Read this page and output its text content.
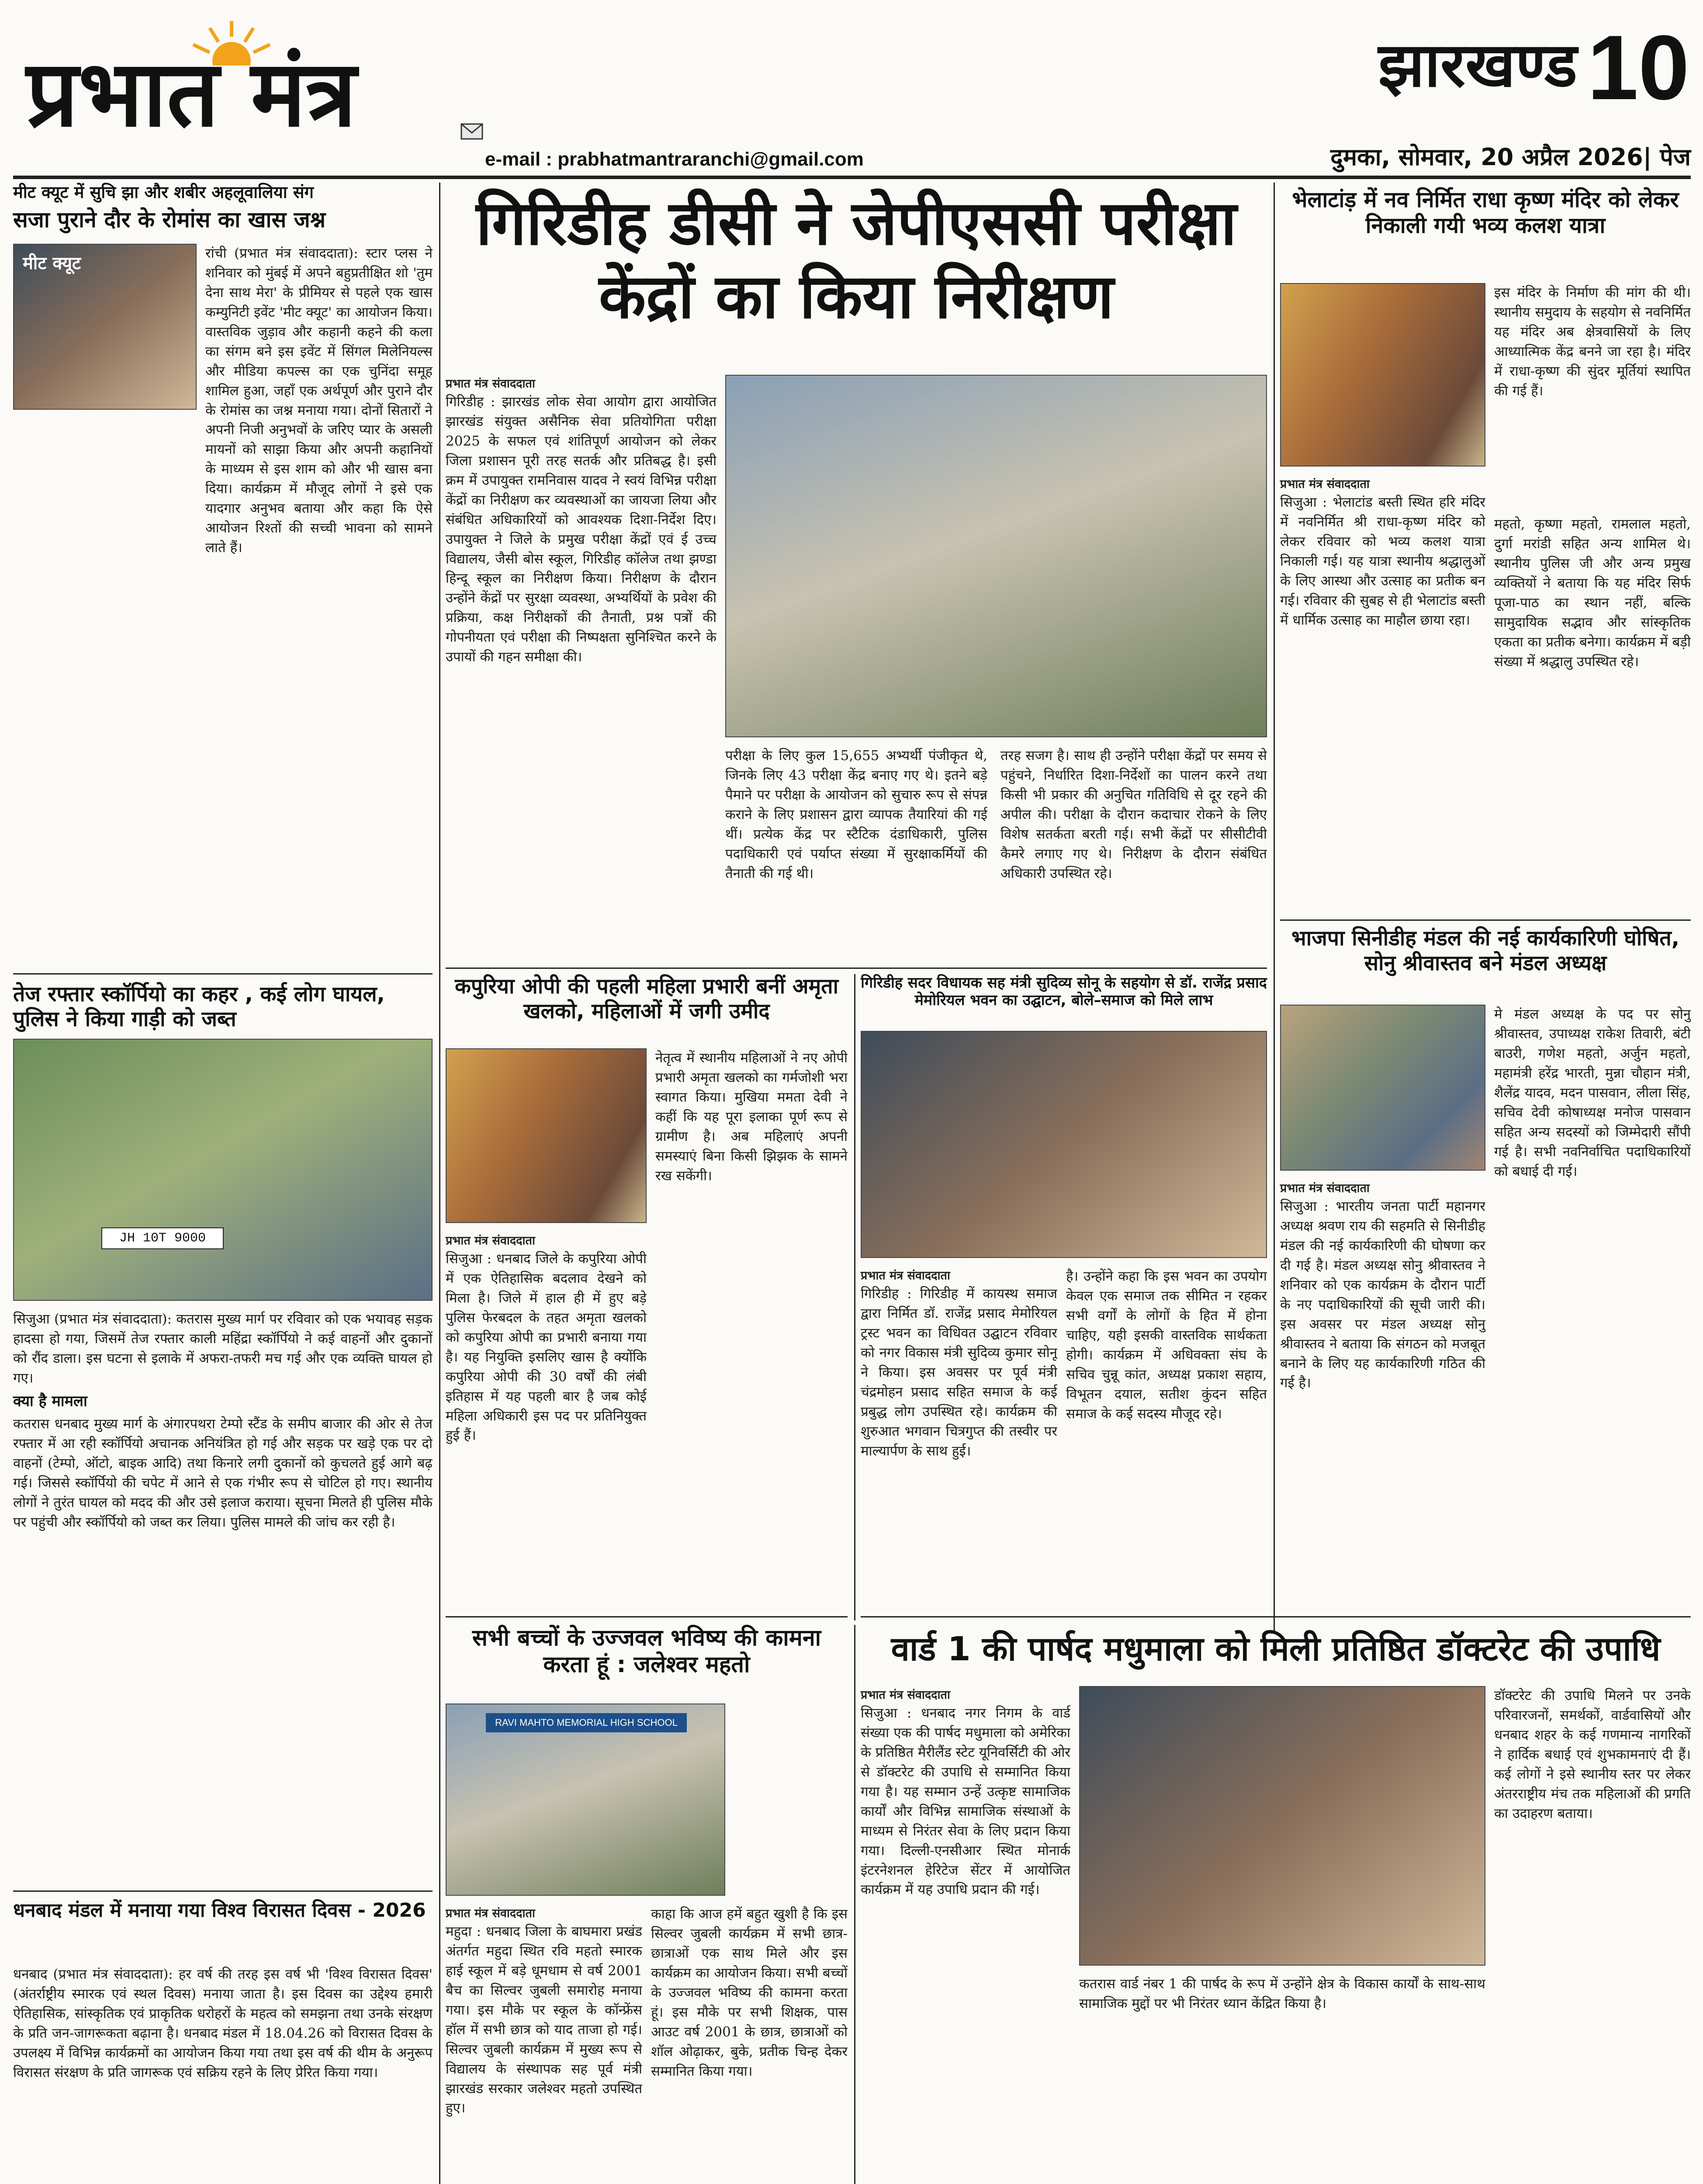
प्रभात मंत्र
e-mail : prabhatmantraranchi@gmail.com
झारखण्ड 10
दुमका, सोमवार, 20 अप्रैल 2026| पेज
मीट क्यूट में सुचि झा और शबीर अहलूवालिया संग
सजा पुराने दौर के रोमांस का खास जश्न
मीट क्यूट	रांची (प्रभात मंत्र संवाददाता): स्टार प्लस ने शनिवार को मुंबई में अपने बहुप्रतीक्षित शो 'तुम देना साथ मेरा' के प्रीमियर से पहले एक खास कम्युनिटी इवेंट 'मीट क्यूट' का आयोजन किया। वास्तविक जुड़ाव और कहानी कहने की कला का संगम बने इस इवेंट में सिंगल मिलेनियल्स और मीडिया कपल्स का एक चुनिंदा समूह शामिल हुआ, जहाँ एक अर्थपूर्ण और पुराने दौर के रोमांस का जश्न मनाया गया। दोनों सितारों ने अपनी निजी अनुभवों के जरिए प्यार के असली मायनों को साझा किया और अपनी कहानियों के माध्यम से इस शाम को और भी खास बना दिया। कार्यक्रम में मौजूद लोगों ने इसे एक यादगार अनुभव बताया और कहा कि ऐसे आयोजन रिश्तों की सच्ची भावना को सामने लाते हैं।
तेज रफ्तार स्कॉर्पियो का कहर , कई लोग घायल, पुलिस ने किया गाड़ी को जब्त
JH 10T 9000
सिजुआ (प्रभात मंत्र संवाददाता): कतरास मुख्य मार्ग पर रविवार को एक भयावह सड़क हादसा हो गया, जिसमें तेज रफ्तार काली महिंद्रा स्कॉर्पियो ने कई वाहनों और दुकानों को रौंद डाला। इस घटना से इलाके में अफरा-तफरी मच गई और एक व्यक्ति घायल हो गए।
क्या है मामला
कतरास धनबाद मुख्य मार्ग के अंगारपथरा टेम्पो स्टैंड के समीप बाजार की ओर से तेज रफ्तार में आ रही स्कॉर्पियो अचानक अनियंत्रित हो गई और सड़क पर खड़े एक पर दो वाहनों (टेम्पो, ऑटो, बाइक आदि) तथा किनारे लगी दुकानों को कुचलते हुई आगे बढ़ गई। जिससे स्कॉर्पियो की चपेट में आने से एक गंभीर रूप से चोटिल हो गए। स्थानीय लोगों ने तुरंत घायल को मदद की और उसे इलाज कराया। सूचना मिलते ही पुलिस मौके पर पहुंची और स्कॉर्पियो को जब्त कर लिया। पुलिस मामले की जांच कर रही है।
धनबाद मंडल में मनाया गया विश्व विरासत दिवस - 2026
धनबाद (प्रभात मंत्र संवाददाता): हर वर्ष की तरह इस वर्ष भी 'विश्व विरासत दिवस' (अंतर्राष्ट्रीय स्मारक एवं स्थल दिवस) मनाया जाता है। इस दिवस का उद्देश्य हमारी ऐतिहासिक, सांस्कृतिक एवं प्राकृतिक धरोहरों के महत्व को समझना तथा उनके संरक्षण के प्रति जन-जागरूकता बढ़ाना है। धनबाद मंडल में 18.04.26 को विरासत दिवस के उपलक्ष्य में विभिन्न कार्यक्रमों का आयोजन किया गया तथा इस वर्ष की थीम के अनुरूप विरासत संरक्षण के प्रति जागरूक एवं सक्रिय रहने के लिए प्रेरित किया गया।
गिरिडीह डीसी ने जेपीएससी परीक्षा केंद्रों का किया निरीक्षण
प्रभात मंत्र संवाददाता
गिरिडीह : झारखंड लोक सेवा आयोग द्वारा आयोजित झारखंड संयुक्त असैनिक सेवा प्रतियोगिता परीक्षा 2025 के सफल एवं शांतिपूर्ण आयोजन को लेकर जिला प्रशासन पूरी तरह सतर्क और प्रतिबद्ध है। इसी क्रम में उपायुक्त रामनिवास यादव ने स्वयं विभिन्न परीक्षा केंद्रों का निरीक्षण कर व्यवस्थाओं का जायजा लिया और संबंधित अधिकारियों को आवश्यक दिशा-निर्देश दिए। उपायुक्त ने जिले के प्रमुख परीक्षा केंद्रों एवं ई उच्च विद्यालय, जैसी बोस स्कूल, गिरिडीह कॉलेज तथा झण्डा हिन्दू स्कूल का निरीक्षण किया। निरीक्षण के दौरान उन्होंने केंद्रों पर सुरक्षा व्यवस्था, अभ्यर्थियों के प्रवेश की प्रक्रिया, कक्ष निरीक्षकों की तैनाती, प्रश्न पत्रों की गोपनीयता एवं परीक्षा की निष्पक्षता सुनिश्चित करने के उपायों की गहन समीक्षा की।
परीक्षा के लिए कुल 15,655 अभ्यर्थी पंजीकृत थे, जिनके लिए 43 परीक्षा केंद्र बनाए गए थे। इतने बड़े पैमाने पर परीक्षा के आयोजन को सुचारु रूप से संपन्न कराने के लिए प्रशासन द्वारा व्यापक तैयारियां की गई थीं। प्रत्येक केंद्र पर स्टैटिक दंडाधिकारी, पुलिस पदाधिकारी एवं पर्याप्त संख्या में सुरक्षाकर्मियों की तैनाती की गई थी।
तरह सजग है। साथ ही उन्होंने परीक्षा केंद्रों पर समय से पहुंचने, निर्धारित दिशा-निर्देशों का पालन करने तथा किसी भी प्रकार की अनुचित गतिविधि से दूर रहने की अपील की। परीक्षा के दौरान कदाचार रोकने के लिए विशेष सतर्कता बरती गई। सभी केंद्रों पर सीसीटीवी कैमरे लगाए गए थे। निरीक्षण के दौरान संबंधित अधिकारी उपस्थित रहे।
भेलाटांड़ में नव निर्मित राधा कृष्ण मंदिर को लेकर निकाली गयी भव्य कलश यात्रा
इस मंदिर के निर्माण की मांग की थी। स्थानीय समुदाय के सहयोग से नवनिर्मित यह मंदिर अब क्षेत्रवासियों के लिए आध्यात्मिक केंद्र बनने जा रहा है। मंदिर में राधा-कृष्ण की सुंदर मूर्तियां स्थापित की गई हैं।
प्रभात मंत्र संवाददाता
सिजुआ : भेलाटांड बस्ती स्थित हरि मंदिर में नवनिर्मित श्री राधा-कृष्ण मंदिर को लेकर रविवार को भव्य कलश यात्रा निकाली गई। यह यात्रा स्थानीय श्रद्धालुओं के लिए आस्था और उत्साह का प्रतीक बन गई। रविवार की सुबह से ही भेलाटांड बस्ती में धार्मिक उत्साह का माहौल छाया रहा।
महतो, कृष्णा महतो, रामलाल महतो, दुर्गा मरांडी सहित अन्य शामिल थे। स्थानीय पुलिस जी और अन्य प्रमुख व्यक्तियों ने बताया कि यह मंदिर सिर्फ पूजा-पाठ का स्थान नहीं, बल्कि सामुदायिक सद्भाव और सांस्कृतिक एकता का प्रतीक बनेगा। कार्यक्रम में बड़ी संख्या में श्रद्धालु उपस्थित रहे।
भाजपा सिनीडीह मंडल की नई कार्यकारिणी घोषित, सोनु श्रीवास्तव बने मंडल अध्यक्ष
मे मंडल अध्यक्ष के पद पर सोनु श्रीवास्तव, उपाध्यक्ष राकेश तिवारी, बंटी बाउरी, गणेश महतो, अर्जुन महतो, महामंत्री हरेंद्र भारती, मुन्ना चौहान मंत्री, शैलेंद्र यादव, मदन पासवान, लीला सिंह, सचिव देवी कोषाध्यक्ष मनोज पासवान सहित अन्य सदस्यों को जिम्मेदारी सौंपी गई है। सभी नवनिर्वाचित पदाधिकारियों को बधाई दी गई।
प्रभात मंत्र संवाददाता
सिजुआ : भारतीय जनता पार्टी महानगर अध्यक्ष श्रवण राय की सहमति से सिनीडीह मंडल की नई कार्यकारिणी की घोषणा कर दी गई है। मंडल अध्यक्ष सोनु श्रीवास्तव ने शनिवार को एक कार्यक्रम के दौरान पार्टी के नए पदाधिकारियों की सूची जारी की। इस अवसर पर मंडल अध्यक्ष सोनु श्रीवास्तव ने बताया कि संगठन को मजबूत बनाने के लिए यह कार्यकारिणी गठित की गई है।
कपुरिया ओपी की पहली महिला प्रभारी बनीं अमृता खलको, महिलाओं में जगी उमीद
नेतृत्व में स्थानीय महिलाओं ने नए ओपी प्रभारी अमृता खलको का गर्मजोशी भरा स्वागत किया। मुखिया ममता देवी ने कहीं कि यह पूरा इलाका पूर्ण रूप से ग्रामीण है। अब महिलाएं अपनी समस्याएं बिना किसी झिझक के सामने रख सकेंगी।
प्रभात मंत्र संवाददाता
सिजुआ : धनबाद जिले के कपुरिया ओपी में एक ऐतिहासिक बदलाव देखने को मिला है। जिले में हाल ही में हुए बड़े पुलिस फेरबदल के तहत अमृता खलको को कपुरिया ओपी का प्रभारी बनाया गया है। यह नियुक्ति इसलिए खास है क्योंकि कपुरिया ओपी की 30 वर्षों की लंबी इतिहास में यह पहली बार है जब कोई महिला अधिकारी इस पद पर प्रतिनियुक्त हुई हैं।
गिरिडीह सदर विधायक सह मंत्री सुदिव्य सोनू के सहयोग से डॉ. राजेंद्र प्रसाद मेमोरियल भवन का उद्घाटन, बोले–समाज को मिले लाभ
प्रभात मंत्र संवाददाता
गिरिडीह : गिरिडीह में कायस्थ समाज द्वारा निर्मित डॉ. राजेंद्र प्रसाद मेमोरियल ट्रस्ट भवन का विधिवत उद्घाटन रविवार को नगर विकास मंत्री सुदिव्य कुमार सोनू ने किया। इस अवसर पर पूर्व मंत्री चंद्रमोहन प्रसाद सहित समाज के कई प्रबुद्ध लोग उपस्थित रहे। कार्यक्रम की शुरुआत भगवान चित्रगुप्त की तस्वीर पर माल्यार्पण के साथ हुई।
है। उन्होंने कहा कि इस भवन का उपयोग केवल एक समाज तक सीमित न रहकर सभी वर्गों के लोगों के हित में होना चाहिए, यही इसकी वास्तविक सार्थकता होगी। कार्यक्रम में अधिवक्ता संघ के सचिव चुन्नू कांत, अध्यक्ष प्रकाश सहाय, विभूतन दयाल, सतीश कुंदन सहित समाज के कई सदस्य मौजूद रहे।
सभी बच्चों के उज्जवल भविष्य की कामना करता हूं : जलेश्वर महतो
RAVI MAHTO MEMORIAL HIGH SCHOOL
प्रभात मंत्र संवाददाता
महुदा : धनबाद जिला के बाघमारा प्रखंड अंतर्गत महुदा स्थित रवि महतो स्मारक हाई स्कूल में बड़े धूमधाम से वर्ष 2001 बैच का सिल्वर जुबली समारोह मनाया गया। इस मौके पर स्कूल के कॉन्फ्रेंस हॉल में सभी छात्र को याद ताजा हो गई। सिल्वर जुबली कार्यक्रम में मुख्य रूप से विद्यालय के संस्थापक सह पूर्व मंत्री झारखंड सरकार जलेश्वर महतो उपस्थित हुए।
काहा कि आज हमें बहुत खुशी है कि इस सिल्वर जुबली कार्यक्रम में सभी छात्र-छात्राओं एक साथ मिले और इस कार्यक्रम का आयोजन किया। सभी बच्चों के उज्जवल भविष्य की कामना करता हूं। इस मौके पर सभी शिक्षक, पास आउट वर्ष 2001 के छात्र, छात्राओं को शॉल ओढ़ाकर, बुके, प्रतीक चिन्ह देकर सम्मानित किया गया।
वार्ड 1 की पार्षद मधुमाला को मिली प्रतिष्ठित डॉक्टरेट की उपाधि
प्रभात मंत्र संवाददाता
सिजुआ : धनबाद नगर निगम के वार्ड संख्या एक की पार्षद मधुमाला को अमेरिका के प्रतिष्ठित मैरीलैंड स्टेट यूनिवर्सिटी की ओर से डॉक्टरेट की उपाधि से सम्मानित किया गया है। यह सम्मान उन्हें उत्कृष्ट सामाजिक कार्यों और विभिन्न सामाजिक संस्थाओं के माध्यम से निरंतर सेवा के लिए प्रदान किया गया। दिल्ली-एनसीआर स्थित मोनार्क इंटरनेशनल हेरिटेज सेंटर में आयोजित कार्यक्रम में यह उपाधि प्रदान की गई।
कतरास वार्ड नंबर 1 की पार्षद के रूप में उन्होंने क्षेत्र के विकास कार्यों के साथ-साथ सामाजिक मुद्दों पर भी निरंतर ध्यान केंद्रित किया है।
डॉक्टरेट की उपाधि मिलने पर उनके परिवारजनों, समर्थकों, वार्डवासियों और धनबाद शहर के कई गणमान्य नागरिकों ने हार्दिक बधाई एवं शुभकामनाएं दी हैं। कई लोगों ने इसे स्थानीय स्तर पर लेकर अंतरराष्ट्रीय मंच तक महिलाओं की प्रगति का उदाहरण बताया।
